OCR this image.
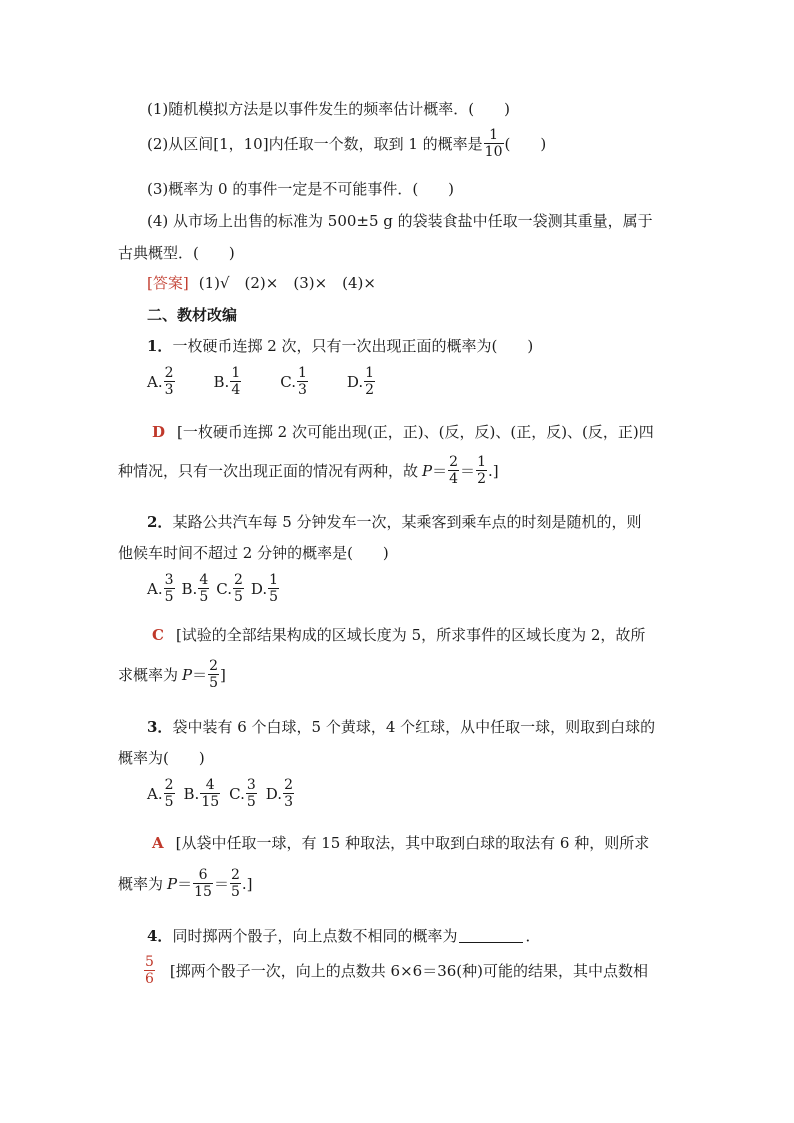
(1)随机模拟方法是以事件发生的频率估计概率．(　　)
(2)从区间[1，10]内任取一个数，取到 1 的概率是 $\frac{1}{10}$ (　　)
(3)概率为 0 的事件一定是不可能事件．(　　)
(4) 从市场上出售的标准为 500±5 g 的袋装食盐中任取一袋测其重量，属于
古典概型．(　　)
[答案] (1)√　(2)×　(3)×　(4)×
二、教材改编
1． 一枚硬币连掷 2 次，只有一次出现正面的概率为(　　)
A. $\frac{2}{3}$	B. $\frac{1}{4}$	C. $\frac{1}{3}$	D. $\frac{1}{2}$
D [一枚硬币连掷 2 次可能出现(正，正)、(反，反)、(正，反)、(反，正)四
种情况，只有一次出现正面的情况有两种，故 $P = \frac{2}{4} = \frac{1}{2}$ .]
2． 某路公共汽车每 5 分钟发车一次，某乘客到乘车点的时刻是随机的，则
他候车时间不超过 2 分钟的概率是(　　)
A. $\frac{3}{5} B$. $\frac{4}{5} C$. $\frac{2}{5} D$. $\frac{1}{5}$
C [试验的全部结果构成的区域长度为 5，所求事件的区域长度为 2，故所
求概率为 $P = \frac{2}{5}$ ]
3． 袋中装有 6 个白球，5 个黄球，4 个红球，从中任取一球，则取到白球的
概率为(　　)
A. $\frac{2}{5} B$. $\frac{4}{15} C$. $\frac{3}{5} D$. $\frac{2}{3}$
A [从袋中任取一球，有 15 种取法，其中取到白球的取法有 6 种，则所求
概率为 $P = \frac{6}{15} = \frac{2}{5}$ .]
4． 同时掷两个骰子，向上点数不相同的概率为	．
$\frac{5}{6}$ [掷两个骰子一次，向上的点数共 6×6＝36(种)可能的结果，其中点数相
